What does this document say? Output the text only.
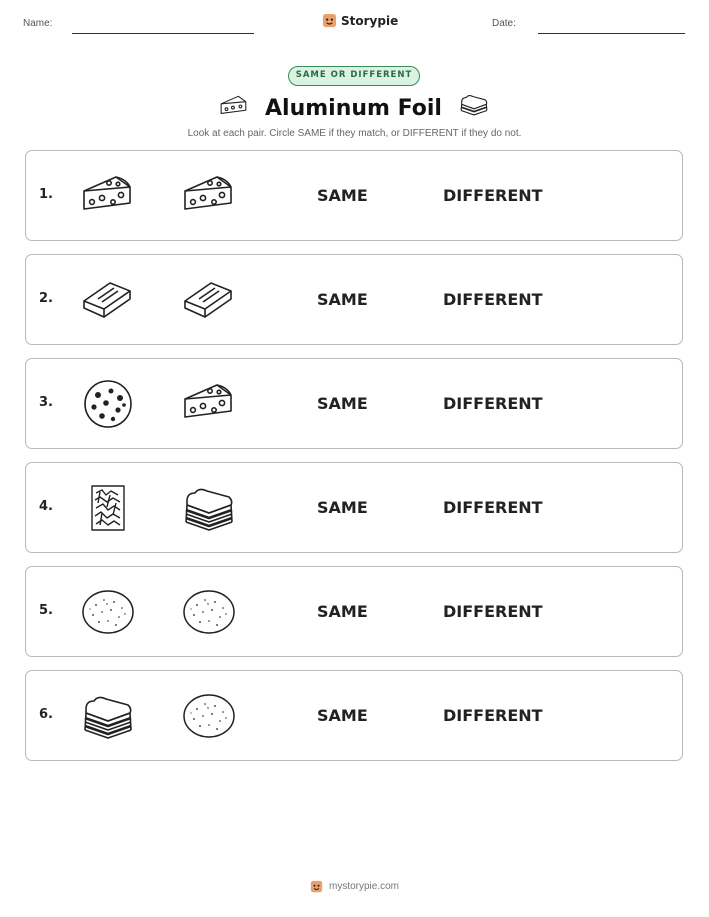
Name:	Storypie	Date:
SAME OR DIFFERENT
Aluminum Foil
Look at each pair. Circle SAME if they match, or DIFFERENT if they do not.
1.	SAME	DIFFERENT
2.	SAME	DIFFERENT
3.	SAME	DIFFERENT
4.	SAME	DIFFERENT
5.	SAME	DIFFERENT
6.	SAME	DIFFERENT
mystorypie.com
